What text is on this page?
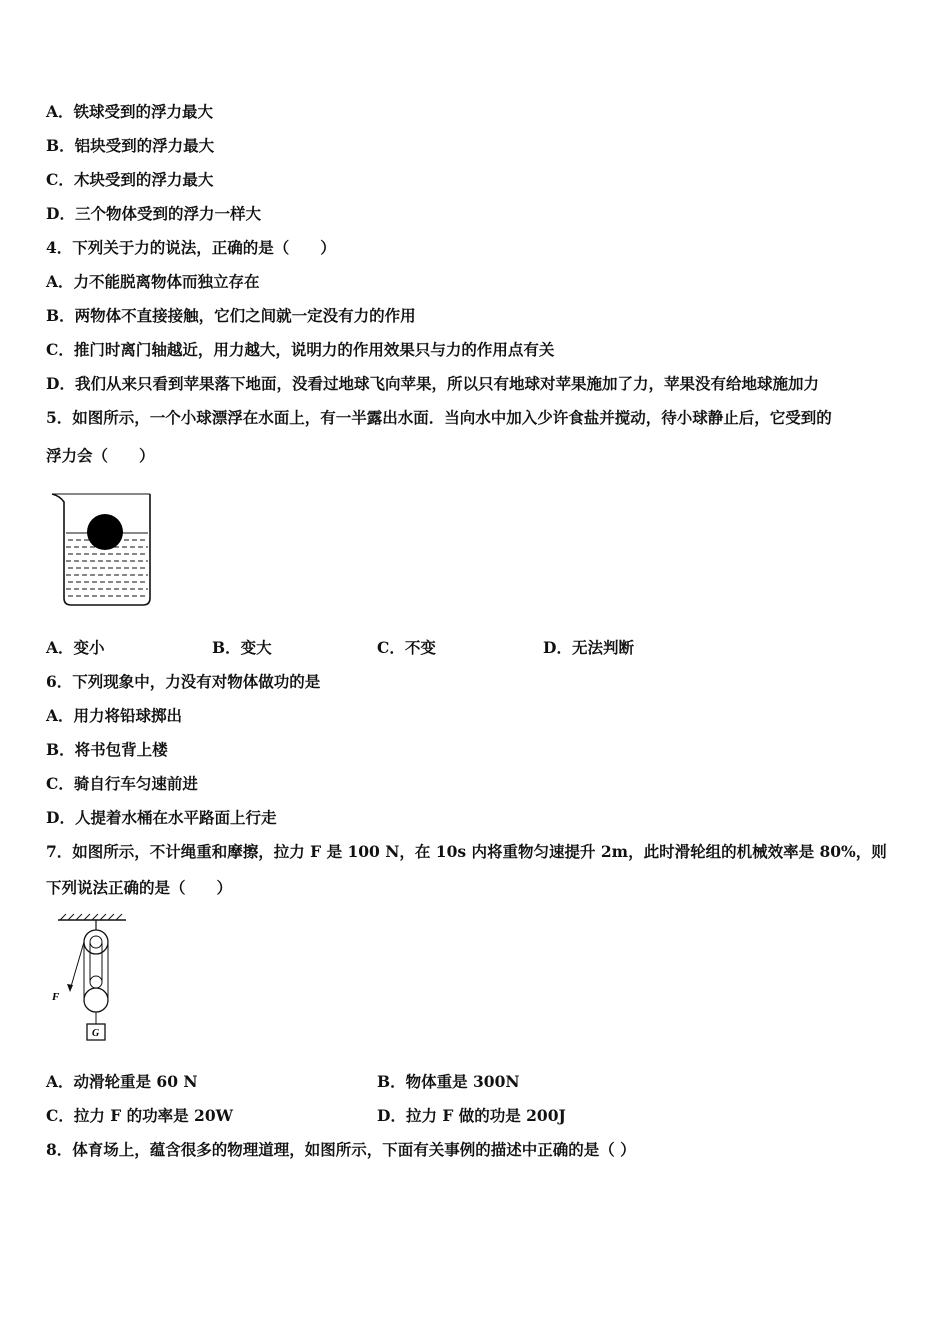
A．铁球受到的浮力最大
B．铝块受到的浮力最大
C．木块受到的浮力最大
D．三个物体受到的浮力一样大
4．下列关于力的说法，正确的是（　　）
A．力不能脱离物体而独立存在
B．两物体不直接接触，它们之间就一定没有力的作用
C．推门时离门轴越近，用力越大，说明力的作用效果只与力的作用点有关
D．我们从来只看到苹果落下地面，没看过地球飞向苹果，所以只有地球对苹果施加了力，苹果没有给地球施加力
5．如图所示，一个小球漂浮在水面上，有一半露出水面．当向水中加入少许食盐并搅动，待小球静止后，它受到的
浮力会（　　）
A．变小	B．变大	C．不变	D．无法判断
6．下列现象中，力没有对物体做功的是
A．用力将铅球掷出
B．将书包背上楼
C．骑自行车匀速前进
D．人提着水桶在水平路面上行走
7．如图所示，不计绳重和摩擦，拉力 F 是 100 N，在 10s 内将重物匀速提升 2m，此时滑轮组的机械效率是 80%，则
下列说法正确的是（　　）
F
G
A．动滑轮重是 60 N	B．物体重是 300N
C．拉力 F 的功率是 20W	D．拉力 F 做的功是 200J
8．体育场上，蕴含很多的物理道理，如图所示，下面有关事例的描述中正确的是（ ）
